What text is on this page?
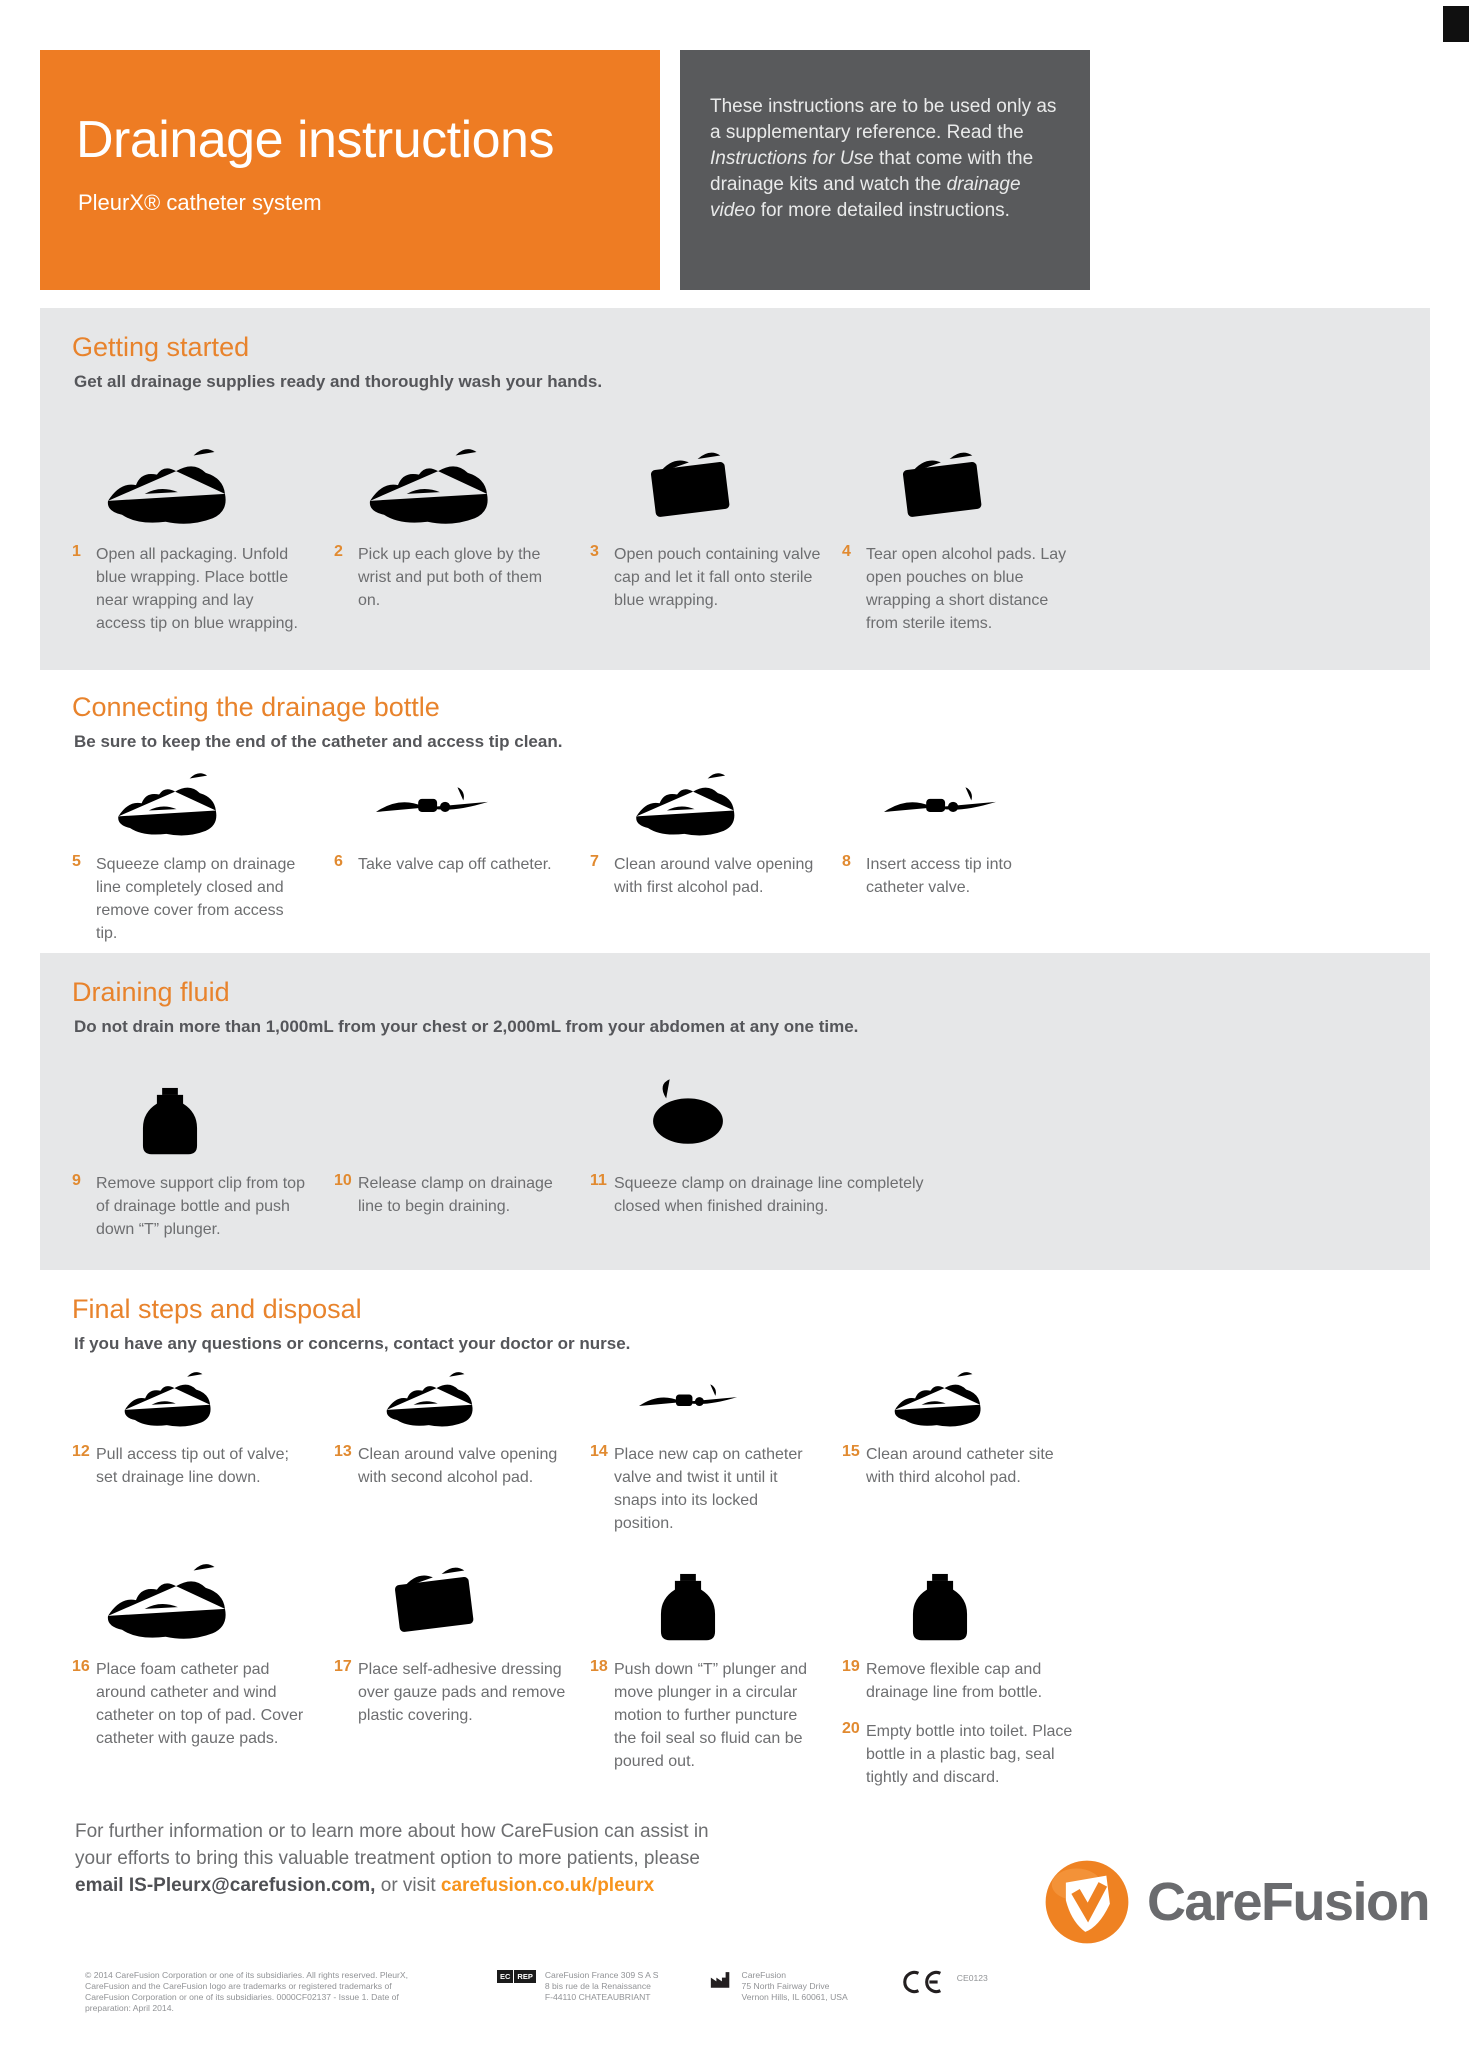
Drainage instructions

PleurX® catheter system

These instructions are to be used only as a supplementary reference. Read the Instructions for Use that come with the drainage kits and watch the drainage video for more detailed instructions.

Getting started

Get all drainage supplies ready and thoroughly wash your hands.

1 Open all packaging. Unfold blue wrapping. Place bottle near wrapping and lay access tip on blue wrapping.

2 Pick up each glove by the wrist and put both of them on.

3 Open pouch containing valve cap and let it fall onto sterile blue wrapping.

4 Tear open alcohol pads. Lay open pouches on blue wrapping a short distance from sterile items.

Connecting the drainage bottle

Be sure to keep the end of the catheter and access tip clean.

5 Squeeze clamp on drainage line completely closed and remove cover from access tip.

6 Take valve cap off catheter. 7 Clean around valve opening with first alcohol pad.

8 Insert access tip into catheter valve.

Draining fluid

Do not drain more than 1,000mL from your chest or 2,000mL from your abdomen at any one time.

9 Remove support clip from top of drainage bottle and push down “T” plunger.

10 Release clamp on drainage line to begin draining.

11 Squeeze clamp on drainage line completely closed when finished draining.

Final steps and disposal

If you have any questions or concerns, contact your doctor or nurse.

12 Pull access tip out of valve; set drainage line down.

13 Clean around valve opening with second alcohol pad.

14 Place new cap on catheter valve and twist it until it snaps into its locked position.

15 Clean around catheter site with third alcohol pad.

16 Place foam catheter pad around catheter and wind catheter on top of pad. Cover catheter with gauze pads.

17 Place self-adhesive dressing over gauze pads and remove plastic covering.

18 Push down “T” plunger and move plunger in a circular motion to further puncture the foil seal so fluid can be poured out.

19 Remove flexible cap and drainage line from bottle.

20 Empty bottle into toilet. Place bottle in a plastic bag, seal tightly and discard.

For further information or to learn more about how CareFusion can assist in your efforts to bring this valuable treatment option to more patients, please email IS-Pleurx@carefusion.com, or visit carefusion.co.uk/pleurx	CareFusion

© 2014 CareFusion Corporation or one of its subsidiaries. All rights reserved. PleurX, CareFusion and the CareFusion logo are trademarks or registered trademarks of CareFusion Corporation or one of its subsidiaries. 0000CF02137 - Issue 1. Date of preparation: April 2014.

EC REP	CareFusion France 309 S A S
8 bis rue de la Renaissance
F-44110 CHATEAUBRIANT
CareFusion
75 North Fairway Drive
Vernon Hills, IL 60061, USA
CE0123
